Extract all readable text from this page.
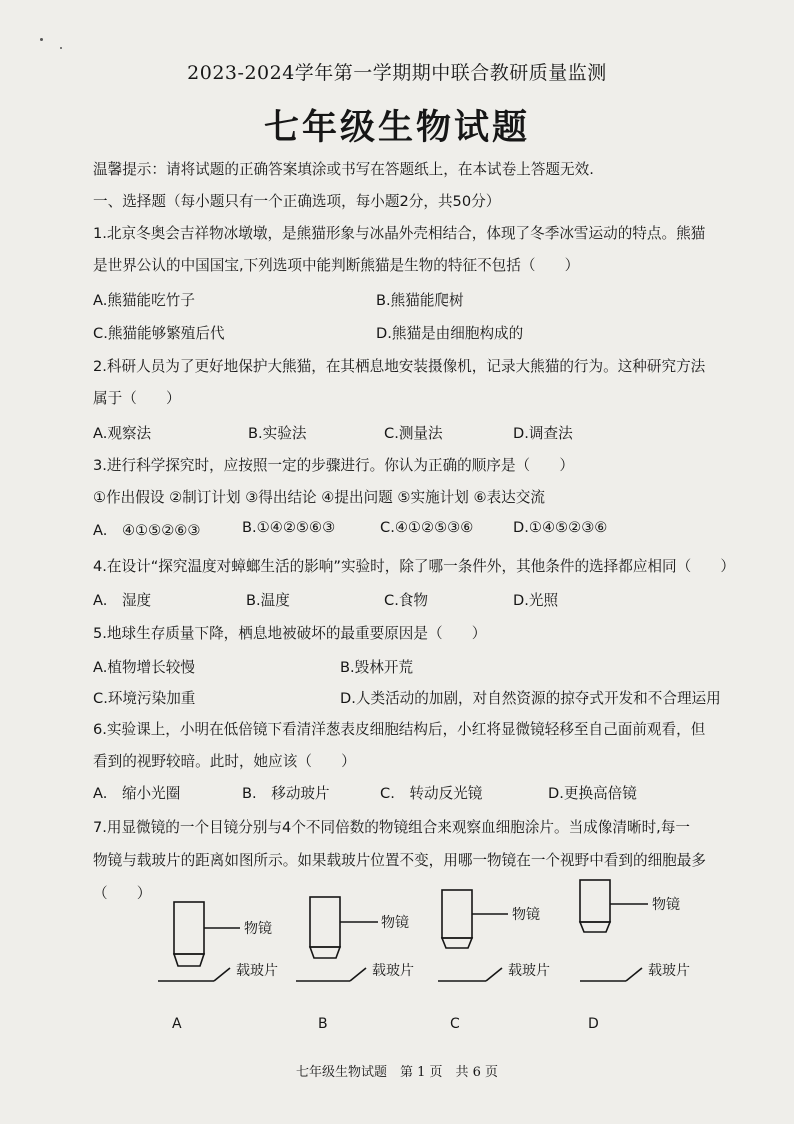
2023-2024学年第一学期期中联合教研质量监测
七年级生物试题
温馨提示：请将试题的正确答案填涂或书写在答题纸上，在本试卷上答题无效.
一、选择题（每小题只有一个正确选项，每小题2分，共50分）
1.北京冬奥会吉祥物冰墩墩，是熊猫形象与冰晶外壳相结合，体现了冬季冰雪运动的特点。熊猫
是世界公认的中国国宝,下列选项中能判断熊猫是生物的特征不包括（　　）
A.熊猫能吃竹子	B.熊猫能爬树
C.熊猫能够繁殖后代	D.熊猫是由细胞构成的
2.科研人员为了更好地保护大熊猫，在其栖息地安装摄像机，记录大熊猫的行为。这种研究方法
属于（　　）
A.观察法	B.实验法	C.测量法	D.调查法
3.进行科学探究时，应按照一定的步骤进行。你认为正确的顺序是（　　）
①作出假设 ②制订计划 ③得出结论 ④提出问题 ⑤实施计划 ⑥表达交流
A.　④①⑤②⑥③	B.①④②⑤⑥③	C.④①②⑤③⑥	D.①④⑤②③⑥
4.在设计“探究温度对蟑螂生活的影响”实验时，除了哪一条件外，其他条件的选择都应相同（　　）
A.　湿度	B.温度	C.食物	D.光照
5.地球生存质量下降，栖息地被破坏的最重要原因是（　　）
A.植物增长较慢	B.毁林开荒
C.环境污染加重	D.人类活动的加剧，对自然资源的掠夺式开发和不合理运用
6.实验课上，小明在低倍镜下看清洋葱表皮细胞结构后，小红将显微镜轻移至自己面前观看，但
看到的视野较暗。此时，她应该（　　）
A.　缩小光圈	B.　移动玻片	C.　转动反光镜	D.更换高倍镜
7.用显微镜的一个目镜分别与4个不同倍数的物镜组合来观察血细胞涂片。当成像清晰时,每一
物镜与载玻片的距离如图所示。如果载玻片位置不变，用哪一物镜在一个视野中看到的细胞最多
（　　）
物镜	物镜	物镜
物镜
载玻片	载玻片	载玻片	载玻片
A	B	C	D
七年级生物试题　第 1 页　共 6 页
